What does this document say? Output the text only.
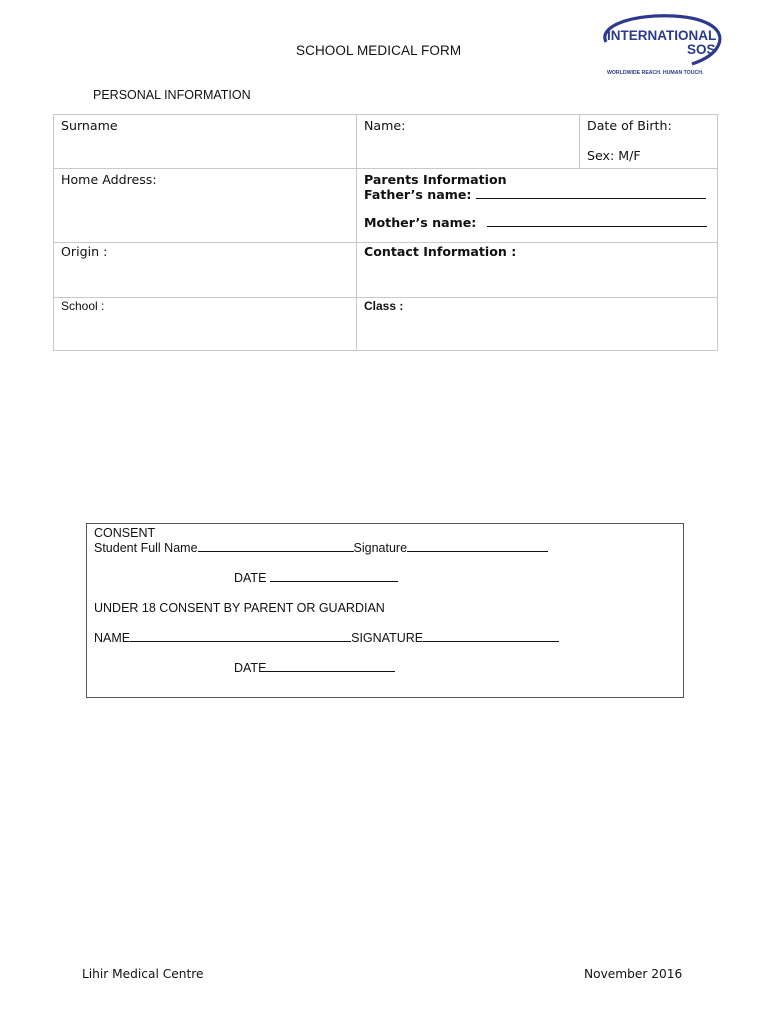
INTERNATIONAL
SOS
WORLDWIDE REACH. HUMAN TOUCH.
SCHOOL MEDICAL FORM
PERSONAL INFORMATION
Surname	Name:	Date of Birth:
Sex: M/F

Home Address:	Parents Information
Father’s name:
Mother’s name:	

Origin :	Contact Information :	

School :	Class :	
CONSENT
Student Full Name	Signature
DATE
UNDER 18 CONSENT BY PARENT OR GUARDIAN
NAME	SIGNATURE
DATE
Lihir Medical Centre	November 2016
